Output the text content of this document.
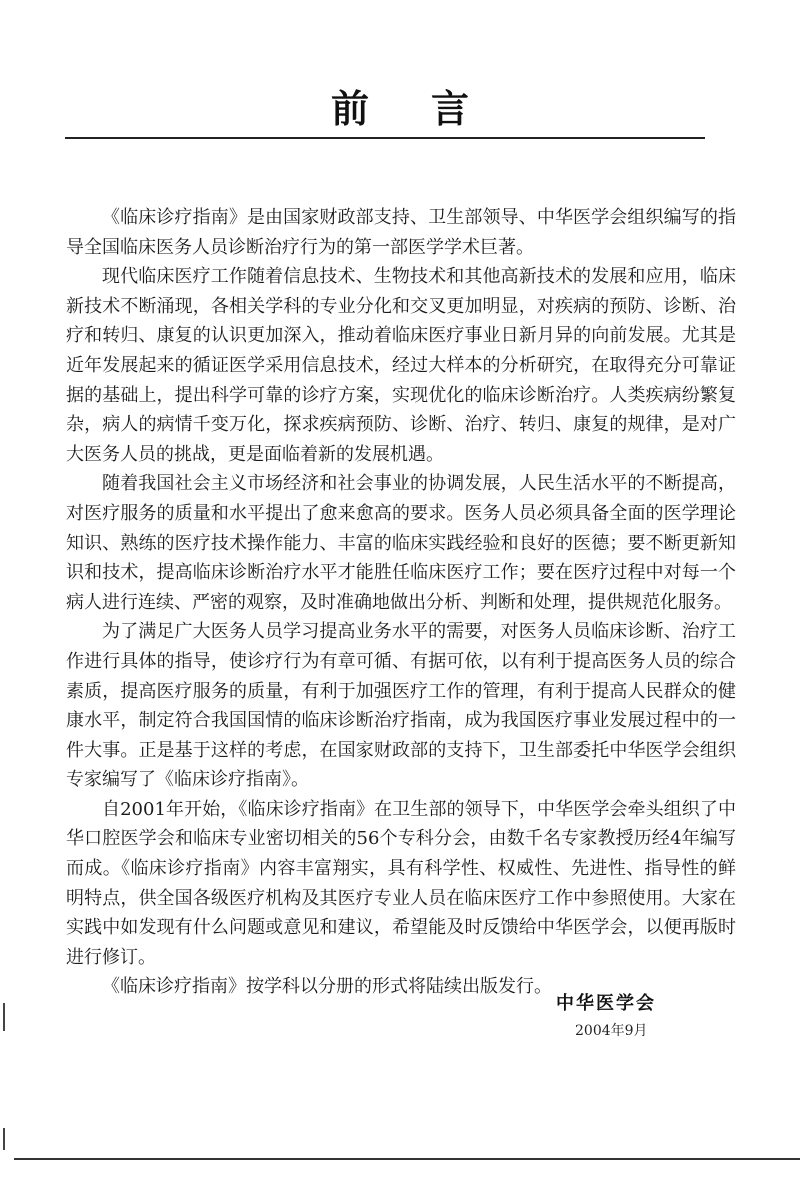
前言

《临床诊疗指南》是由国家财政部支持、卫生部领导、中华医学会组织编写的指导全国临床医务人员诊断治疗行为的第一部医学学术巨著。

现代临床医疗工作随着信息技术、生物技术和其他高新技术的发展和应用，临床新技术不断涌现，各相关学科的专业分化和交叉更加明显，对疾病的预防、诊断、治疗和转归、康复的认识更加深入，推动着临床医疗事业日新月异的向前发展。尤其是近年发展起来的循证医学采用信息技术，经过大样本的分析研究，在取得充分可靠证据的基础上，提出科学可靠的诊疗方案，实现优化的临床诊断治疗。人类疾病纷繁复杂，病人的病情千变万化，探求疾病预防、诊断、治疗、转归、康复的规律，是对广大医务人员的挑战，更是面临着新的发展机遇。

随着我国社会主义市场经济和社会事业的协调发展，人民生活水平的不断提高，对医疗服务的质量和水平提出了愈来愈高的要求。医务人员必须具备全面的医学理论知识、熟练的医疗技术操作能力、丰富的临床实践经验和良好的医德；要不断更新知识和技术，提高临床诊断治疗水平才能胜任临床医疗工作；要在医疗过程中对每一个病人进行连续、严密的观察，及时准确地做出分析、判断和处理，提供规范化服务。

为了满足广大医务人员学习提高业务水平的需要，对医务人员临床诊断、治疗工作进行具体的指导，使诊疗行为有章可循、有据可依，以有利于提高医务人员的综合素质，提高医疗服务的质量，有利于加强医疗工作的管理，有利于提高人民群众的健康水平，制定符合我国国情的临床诊断治疗指南，成为我国医疗事业发展过程中的一件大事。正是基于这样的考虑，在国家财政部的支持下，卫生部委托中华医学会组织专家编写了《临床诊疗指南》。

自2001年开始，《临床诊疗指南》在卫生部的领导下，中华医学会牵头组织了中华口腔医学会和临床专业密切相关的56个专科分会，由数千名专家教授历经4年编写而成。《临床诊疗指南》内容丰富翔实，具有科学性、权威性、先进性、指导性的鲜明特点，供全国各级医疗机构及其医疗专业人员在临床医疗工作中参照使用。大家在实践中如发现有什么问题或意见和建议，希望能及时反馈给中华医学会，以便再版时进行修订。

《临床诊疗指南》按学科以分册的形式将陆续出版发行。

中华医学会
2004年9月
